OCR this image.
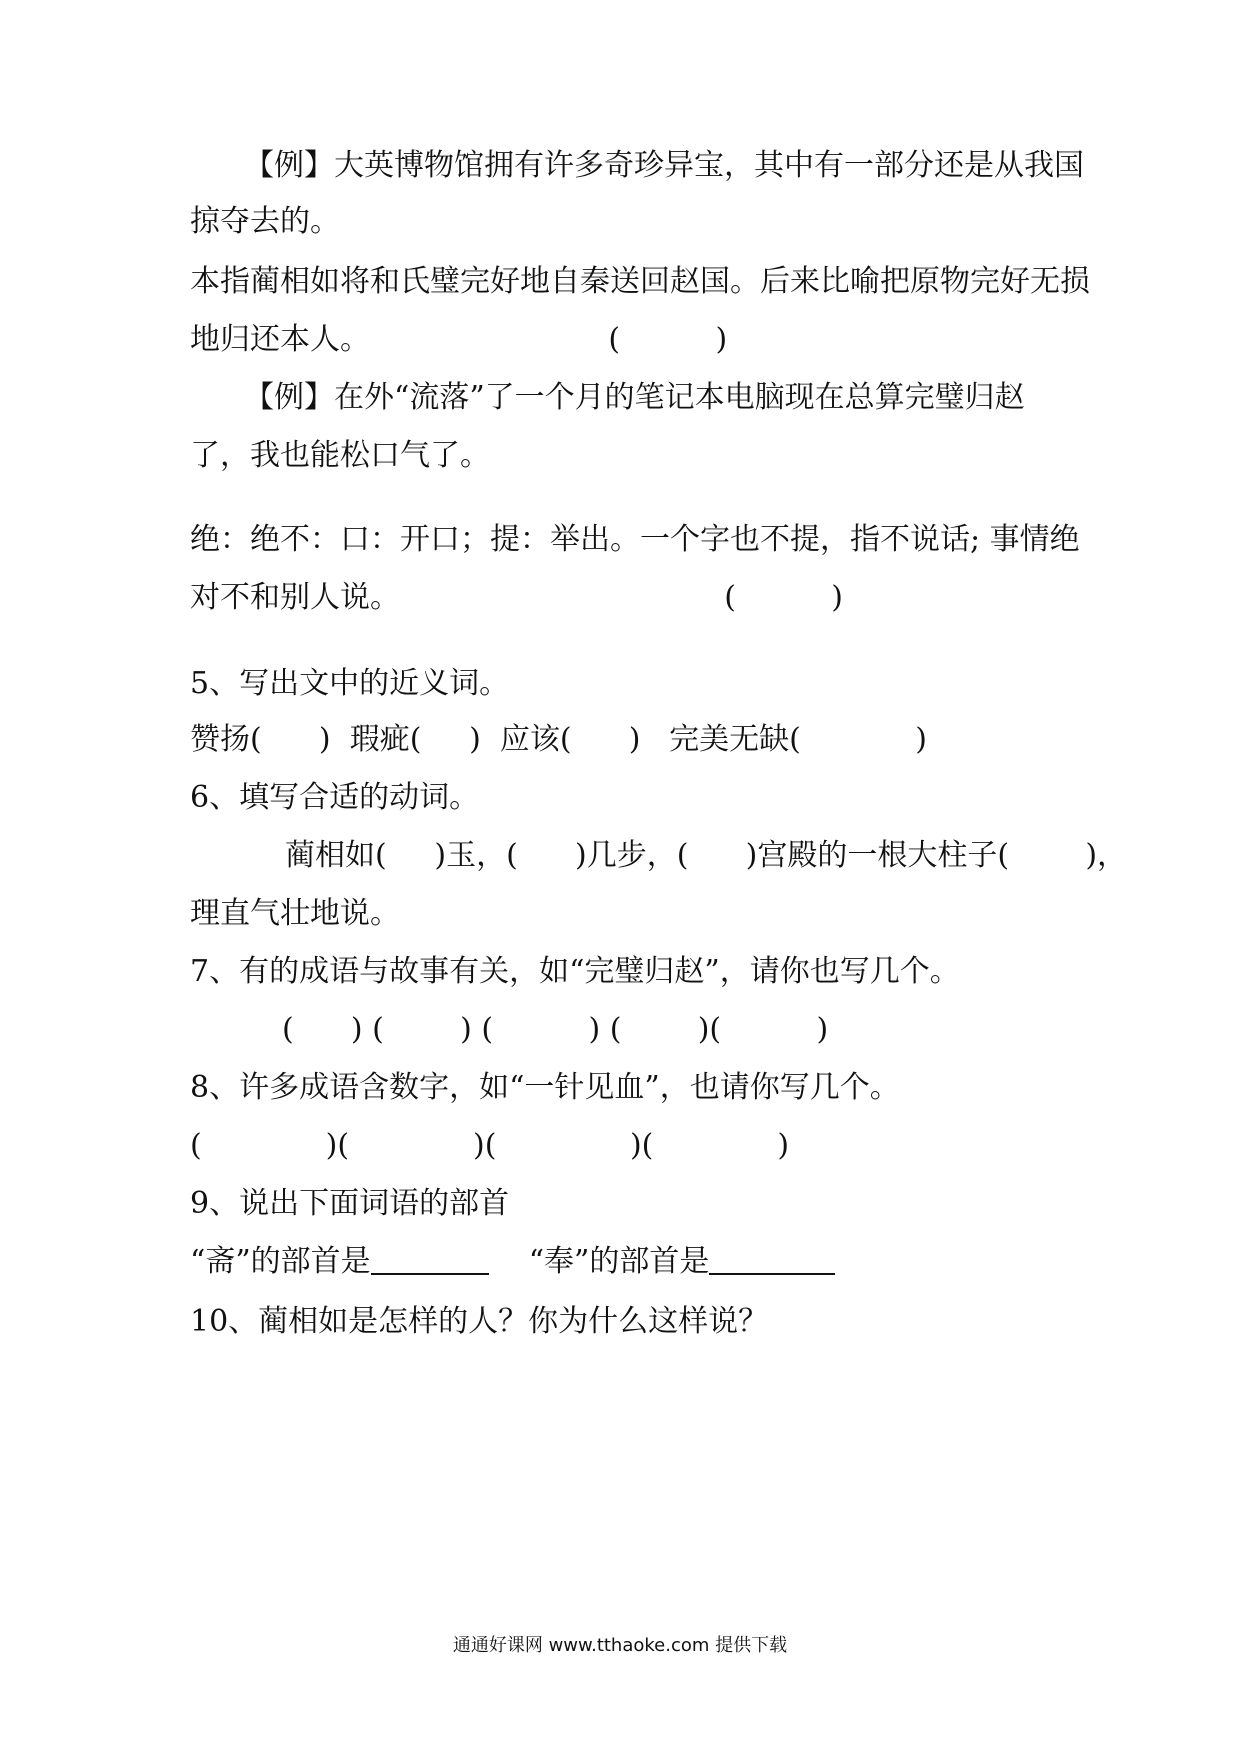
【例】大英博物馆拥有许多奇珍异宝，其中有一部分还是从我国
掠夺去的。
本指蔺相如将和氏璧完好地自秦送回赵国。后来比喻把原物完好无损
地归还本人。                         (          )
【例】在外“流落”了一个月的笔记本电脑现在总算完璧归赵
了，我也能松口气了。
绝：绝不：口：开口；提：举出。一个字也不提，指不说话; 事情绝
对不和别人说。                                  (          )
5、写出文中的近义词。
赞扬(      )  瑕疵(     )  应该(      )   完美无缺(            )
6、填写合适的动词。
蔺相如(     )玉，(      )几步，(      )宫殿的一根大柱子(        )，
理直气壮地说。
7、有的成语与故事有关，如“完璧归赵”，请你也写几个。
(      ) (        ) (          ) (        )(          )
8、许多成语含数字，如“一针见血”，也请你写几个。
(             )(             )(              )(             )
9、说出下面词语的部首
“斋”的部首是	“奉”的部首是
10、蔺相如是怎样的人？你为什么这样说？
通通好课网 www.tthaoke.com 提供下载
